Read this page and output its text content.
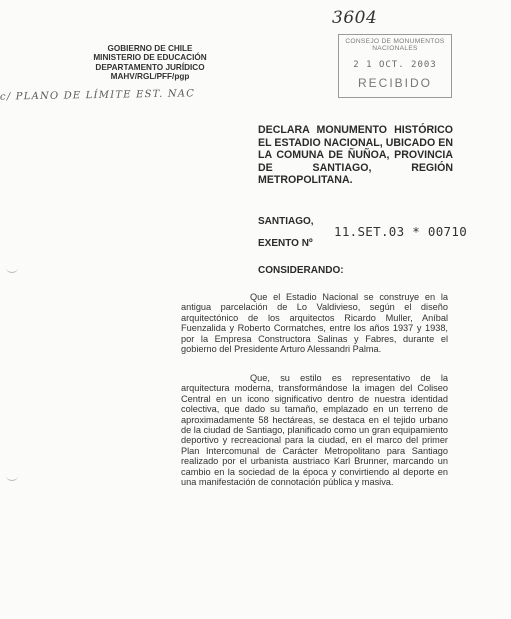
3604
CONSEJO DE MONUMENTOS NACIONALES
2 1 OCT. 2003
RECIBIDO
GOBIERNO DE CHILE
MINISTERIO DE EDUCACIÓN
DEPARTAMENTO JURÍDICO
MAHV/RGL/PFF/pgp
c/ PLANO DE LÍMITE EST. NAC
DECLARA MONUMENTO HISTÓRICO EL ESTADIO NACIONAL, UBICADO EN LA COMUNA DE ÑUÑOA, PROVINCIA DE SANTIAGO, REGIÓN METROPOLITANA.
SANTIAGO,
11.SET.03 * 00710
EXENTO Nº
CONSIDERANDO:
Que el Estadio Nacional se construye en la antigua parcelación de Lo Valdivieso, según el diseño arquitectónico de los arquitectos Ricardo Muller, Aníbal Fuenzalida y Roberto Cormatches, entre los años 1937 y 1938, por la Empresa Constructora Salinas y Fabres, durante el gobierno del Presidente Arturo Alessandri Palma.
Que, su estilo es representativo de la arquitectura moderna, transformándose la imagen del Coliseo Central en un icono significativo dentro de nuestra identidad colectiva, que dado su tamaño, emplazado en un terreno de aproximadamente 58 hectáreas, se destaca en el tejido urbano de la ciudad de Santiago, planificado como un gran equipamiento deportivo y recreacional para la ciudad, en el marco del primer Plan Intercomunal de Carácter Metropolitano para Santiago realizado por el urbanista austriaco Karl Brunner, marcando un cambio en la sociedad de la época y convirtiendo al deporte en una manifestación de connotación pública y masiva.
